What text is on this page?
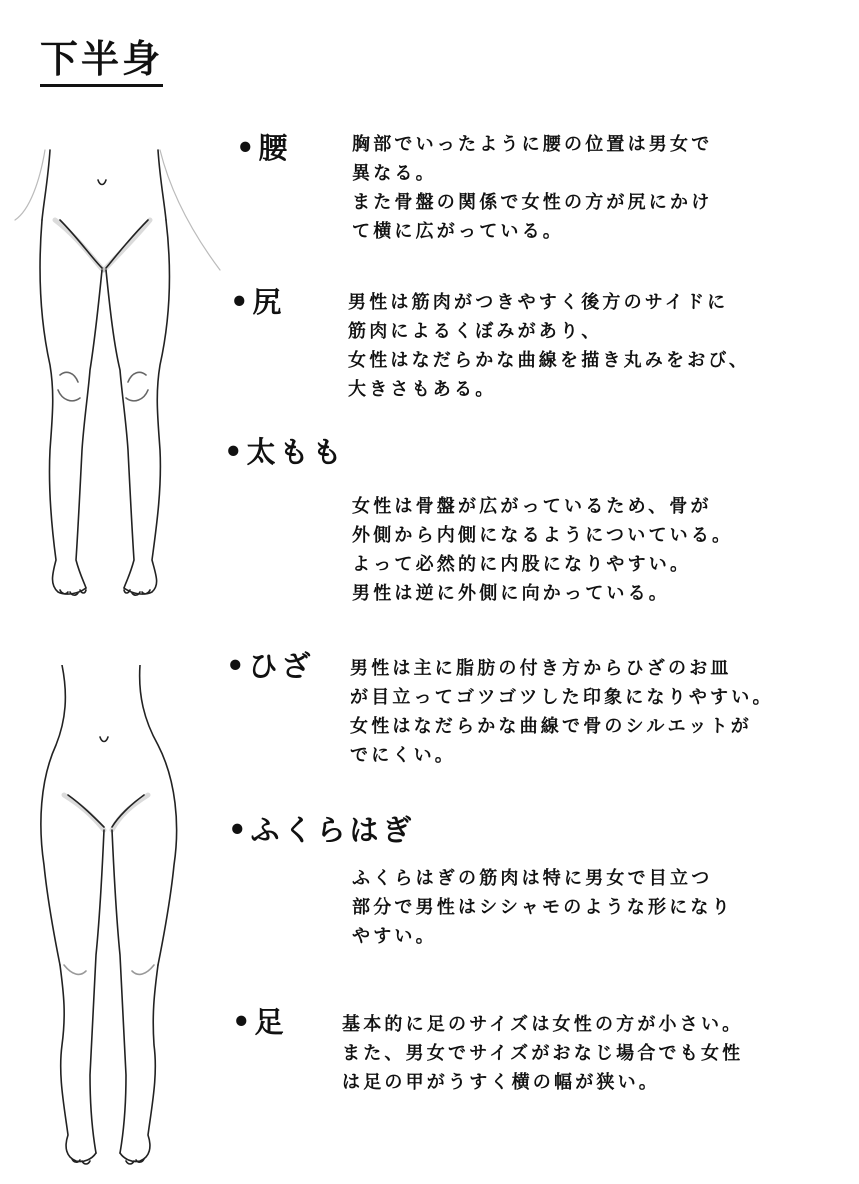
下半身
•腰	胸部でいったように腰の位置は男女で
異なる。
また骨盤の関係で女性の方が尻にかけ
て横に広がっている。
•尻	男性は筋肉がつきやすく後方のサイドに
筋肉によるくぼみがあり、
女性はなだらかな曲線を描き丸みをおび、
大きさもある。
•太もも
女性は骨盤が広がっているため、骨が
外側から内側になるようについている。
よって必然的に内股になりやすい。
男性は逆に外側に向かっている。
•ひざ 男性は主に脂肪の付き方からひざのお皿
が目立ってゴツゴツした印象になりやすい。
女性はなだらかな曲線で骨のシルエットが
でにくい。
•ふくらはぎ
ふくらはぎの筋肉は特に男女で目立つ
部分で男性はシシャモのような形になり
やすい。
•足	基本的に足のサイズは女性の方が小さい。
また、男女でサイズがおなじ場合でも女性
は足の甲がうすく横の幅が狭い。
